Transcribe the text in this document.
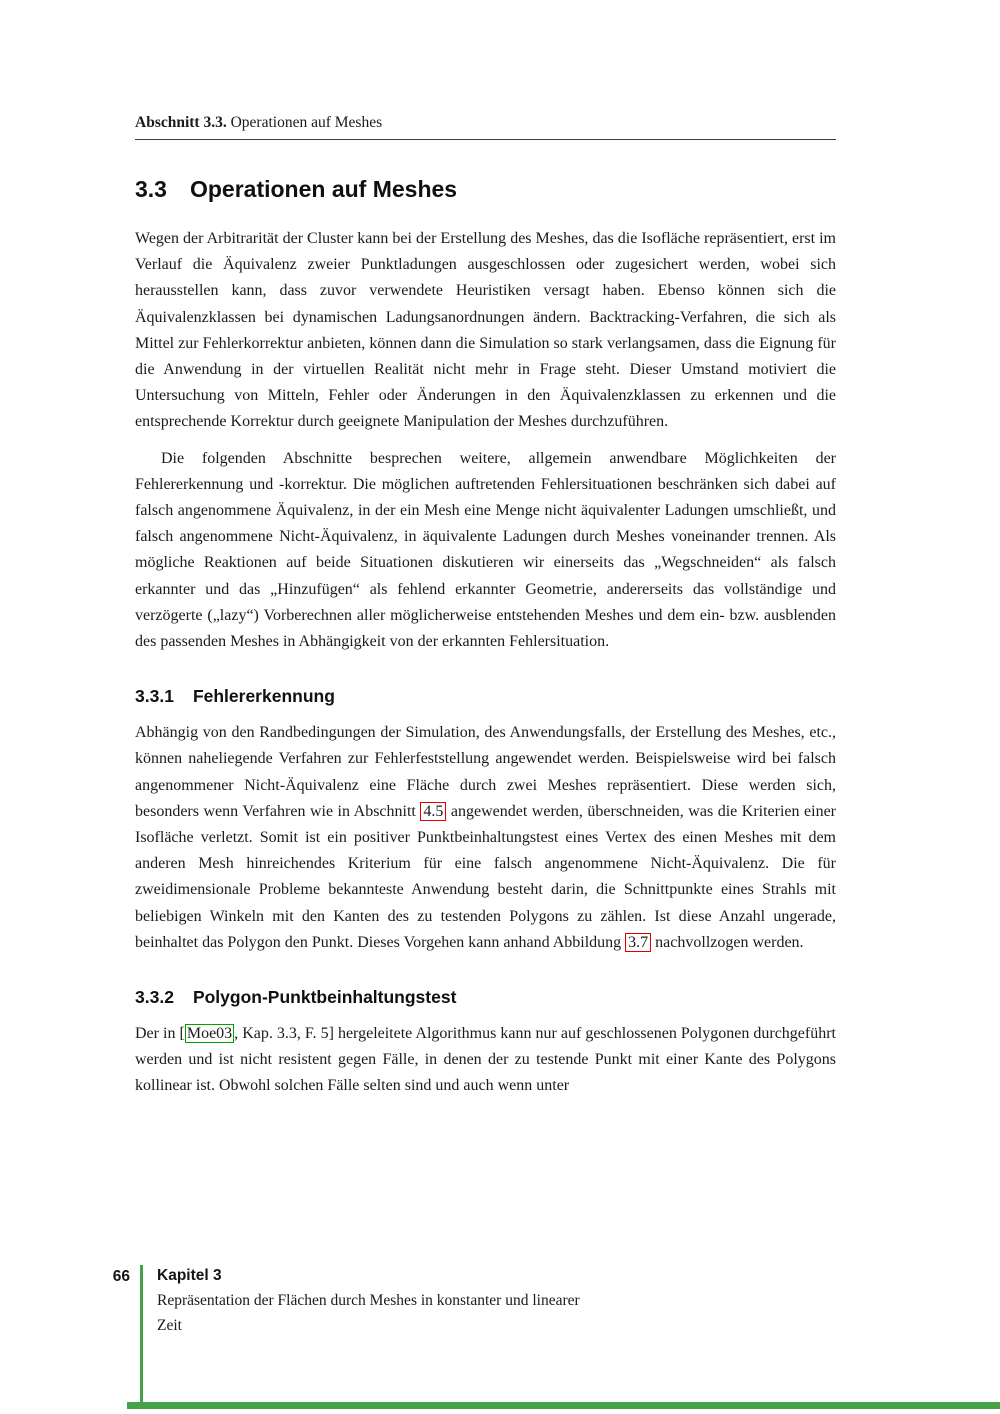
Abschnitt 3.3. Operationen auf Meshes
3.3 Operationen auf Meshes

Wegen der Arbitrarität der Cluster kann bei der Erstellung des Meshes, das die Isofläche repräsentiert, erst im Verlauf die Äquivalenz zweier Punktladungen ausgeschlossen oder zugesichert werden, wobei sich herausstellen kann, dass zuvor verwendete Heuristiken versagt haben. Ebenso können sich die Äquivalenzklassen bei dynamischen Ladungsanordnungen ändern. Backtracking-Verfahren, die sich als Mittel zur Fehlerkorrektur anbieten, können dann die Simulation so stark verlangsamen, dass die Eignung für die Anwendung in der virtuellen Realität nicht mehr in Frage steht. Dieser Umstand motiviert die Untersuchung von Mitteln, Fehler oder Änderungen in den Äquivalenzklassen zu erkennen und die entsprechende Korrektur durch geeignete Manipulation der Meshes durchzuführen.

Die folgenden Abschnitte besprechen weitere, allgemein anwendbare Möglichkeiten der Fehlererkennung und -korrektur. Die möglichen auftretenden Fehlersituationen beschränken sich dabei auf falsch angenommene Äquivalenz, in der ein Mesh eine Menge nicht äquivalenter Ladungen umschließt, und falsch angenommene Nicht-Äquivalenz, in äquivalente Ladungen durch Meshes voneinander trennen. Als mögliche Reaktionen auf beide Situationen diskutieren wir einerseits das „Wegschneiden“ als falsch erkannter und das „Hinzufügen“ als fehlend erkannter Geometrie, andererseits das vollständige und verzögerte („lazy“) Vorberechnen aller möglicherweise entstehenden Meshes und dem ein- bzw. ausblenden des passenden Meshes in Abhängigkeit von der erkannten Fehlersituation.

3.3.1 Fehlererkennung

Abhängig von den Randbedingungen der Simulation, des Anwendungsfalls, der Erstellung des Meshes, etc., können naheliegende Verfahren zur Fehlerfeststellung angewendet werden. Beispielsweise wird bei falsch angenommener Nicht-Äquivalenz eine Fläche durch zwei Meshes repräsentiert. Diese werden sich, besonders wenn Verfahren wie in Abschnitt 4.5 angewendet werden, überschneiden, was die Kriterien einer Isofläche verletzt. Somit ist ein positiver Punktbeinhaltungstest eines Vertex des einen Meshes mit dem anderen Mesh hinreichendes Kriterium für eine falsch angenommene Nicht-Äquivalenz. Die für zweidimensionale Probleme bekannteste Anwendung besteht darin, die Schnittpunkte eines Strahls mit beliebigen Winkeln mit den Kanten des zu testenden Polygons zu zählen. Ist diese Anzahl ungerade, beinhaltet das Polygon den Punkt. Dieses Vorgehen kann anhand Abbildung 3.7 nachvollzogen werden.

3.3.2 Polygon-Punktbeinhaltungstest

Der in [ Moe03 , Kap. 3.3, F. 5] hergeleitete Algorithmus kann nur auf geschlossenen Polygonen durchgeführt werden und ist nicht resistent gegen Fälle, in denen der zu testende Punkt mit einer Kante des Polygons kollinear ist. Obwohl solchen Fälle selten sind und auch wenn unter

66 Kapitel 3
Repräsentation der Flächen durch Meshes in konstanter und linearer
Zeit
